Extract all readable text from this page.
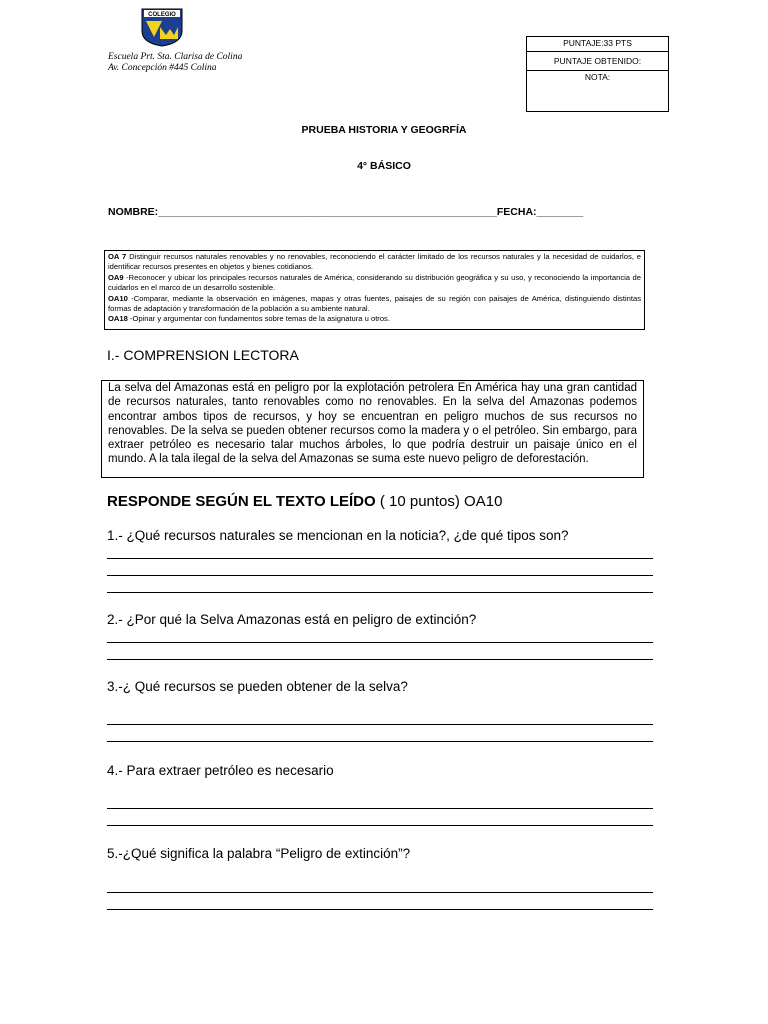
COLEGIO
Escuela Prt. Sta. Clarisa de Colina
Av. Concepción #445 Colina
PUNTAJE:33 PTS
PUNTAJE OBTENIDO:
NOTA:
PRUEBA HISTORIA Y GEOGRFÍA
4° BÁSICO
NOMBRE:__________________________________________________________FECHA:________

OA 7 Distinguir recursos naturales renovables y no renovables, reconociendo el carácter limitado de los recursos naturales y la necesidad de cuidarlos, e identificar recursos presentes en objetos y bienes cotidianos.

OA9 -Reconocer y ubicar los principales recursos naturales de América, considerando su distribución geográfica y su uso, y reconociendo la importancia de cuidarlos en el marco de un desarrollo sostenible.

OA10 -Comparar, mediante la observación en imágenes, mapas y otras fuentes, paisajes de su región con paisajes de América, distinguiendo distintas formas de adaptación y transformación de la población a su ambiente natural.

OA18 -Opinar y argumentar con fundamentos sobre temas de la asignatura u otros.

I.- COMPRENSION LECTORA
La selva del Amazonas está en peligro por la explotación petrolera En América hay una gran cantidad de recursos naturales, tanto renovables como no renovables. En la selva del Amazonas podemos encontrar ambos tipos de recursos, y hoy se encuentran en peligro muchos de sus recursos no renovables. De la selva se pueden obtener recursos como la madera y o el petróleo. Sin embargo, para extraer petróleo es necesario talar muchos árboles, lo que podría destruir un paisaje único en el mundo. A la tala ilegal de la selva del Amazonas se suma este nuevo peligro de deforestación.
RESPONDE SEGÚN EL TEXTO LEÍDO ( 10 puntos) OA10
1.- ¿Qué recursos naturales se mencionan en la noticia?, ¿de qué tipos son?
2.- ¿Por qué la Selva Amazonas está en peligro de extinción?
3.-¿ Qué recursos se pueden obtener de la selva?
4.- Para extraer petróleo es necesario
5.-¿Qué significa la palabra “Peligro de extinción”?
